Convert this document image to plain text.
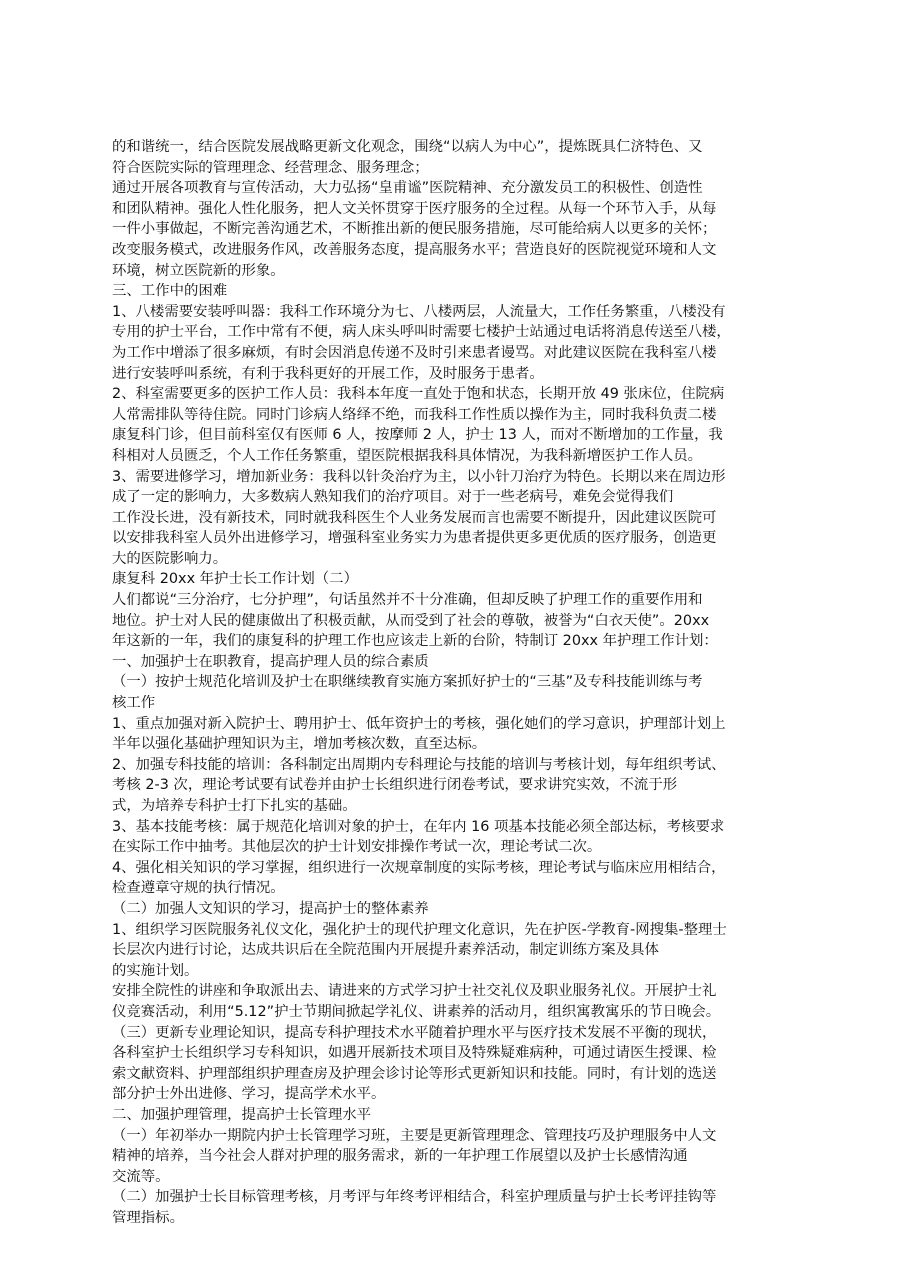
的和谐统一，结合医院发展战略更新文化观念，围绕“以病人为中心”，提炼既具仁济特色、又
符合医院实际的管理理念、经营理念、服务理念；
通过开展各项教育与宣传活动，大力弘扬“皇甫谧”医院精神、充分激发员工的积极性、创造性
和团队精神。强化人性化服务，把人文关怀贯穿于医疗服务的全过程。从每一个环节入手，从每
一件小事做起，不断完善沟通艺术，不断推出新的便民服务措施，尽可能给病人以更多的关怀；
改变服务模式，改进服务作风，改善服务态度，提高服务水平；营造良好的医院视觉环境和人文
环境，树立医院新的形象。
三、工作中的困难
1、八楼需要安装呼叫器：我科工作环境分为七、八楼两层，人流量大，工作任务繁重，八楼没有
专用的护士平台，工作中常有不便，病人床头呼叫时需要七楼护士站通过电话将消息传送至八楼，
为工作中增添了很多麻烦，有时会因消息传递不及时引来患者谩骂。对此建议医院在我科室八楼
进行安装呼叫系统，有利于我科更好的开展工作，及时服务于患者。
2、科室需要更多的医护工作人员：我科本年度一直处于饱和状态，长期开放 49 张床位，住院病
人常需排队等待住院。同时门诊病人络绎不绝，而我科工作性质以操作为主，同时我科负责二楼
康复科门诊，但目前科室仅有医师 6 人，按摩师 2 人，护士 13 人，而对不断增加的工作量，我
科相对人员匮乏，个人工作任务繁重，望医院根据我科具体情况，为我科新增医护工作人员。
3、需要进修学习，增加新业务：我科以针灸治疗为主，以小针刀治疗为特色。长期以来在周边形
成了一定的影响力，大多数病人熟知我们的治疗项目。对于一些老病号，难免会觉得我们
工作没长进，没有新技术，同时就我科医生个人业务发展而言也需要不断提升，因此建议医院可
以安排我科室人员外出进修学习，增强科室业务实力为患者提供更多更优质的医疗服务，创造更
大的医院影响力。
康复科 20xx 年护士长工作计划（二）
人们都说“三分治疗，七分护理”，句话虽然并不十分准确，但却反映了护理工作的重要作用和
地位。护士对人民的健康做出了积极贡献，从而受到了社会的尊敬，被誉为“白衣天使”。20xx
年这新的一年，我们的康复科的护理工作也应该走上新的台阶，特制订 20xx 年护理工作计划：
一、加强护士在职教育，提高护理人员的综合素质
（一）按护士规范化培训及护士在职继续教育实施方案抓好护士的“三基”及专科技能训练与考
核工作
1、重点加强对新入院护士、聘用护士、低年资护士的考核，强化她们的学习意识，护理部计划上
半年以强化基础护理知识为主，增加考核次数，直至达标。
2、加强专科技能的培训：各科制定出周期内专科理论与技能的培训与考核计划，每年组织考试、
考核 2-3 次，理论考试要有试卷并由护士长组织进行闭卷考试，要求讲究实效，不流于形
式，为培养专科护士打下扎实的基础。
3、基本技能考核：属于规范化培训对象的护士，在年内 16 项基本技能必须全部达标，考核要求
在实际工作中抽考。其他层次的护士计划安排操作考试一次，理论考试二次。
4、强化相关知识的学习掌握，组织进行一次规章制度的实际考核，理论考试与临床应用相结合，
检查遵章守规的执行情况。
（二）加强人文知识的学习，提高护士的整体素养
1、组织学习医院服务礼仪文化，强化护士的现代护理文化意识，先在护医-学教育-网搜集-整理士
长层次内进行讨论，达成共识后在全院范围内开展提升素养活动，制定训练方案及具体
的实施计划。
安排全院性的讲座和争取派出去、请进来的方式学习护士社交礼仪及职业服务礼仪。开展护士礼
仪竞赛活动，利用“5.12”护士节期间掀起学礼仪、讲素养的活动月，组织寓教寓乐的节日晚会。
（三）更新专业理论知识，提高专科护理技术水平随着护理水平与医疗技术发展不平衡的现状，
各科室护士长组织学习专科知识，如遇开展新技术项目及特殊疑难病种，可通过请医生授课、检
索文献资料、护理部组织护理查房及护理会诊讨论等形式更新知识和技能。同时，有计划的选送
部分护士外出进修、学习，提高学术水平。
二、加强护理管理，提高护士长管理水平
（一）年初举办一期院内护士长管理学习班，主要是更新管理理念、管理技巧及护理服务中人文
精神的培养，当今社会人群对护理的服务需求，新的一年护理工作展望以及护士长感情沟通
交流等。
（二）加强护士长目标管理考核，月考评与年终考评相结合，科室护理质量与护士长考评挂钩等
管理指标。
